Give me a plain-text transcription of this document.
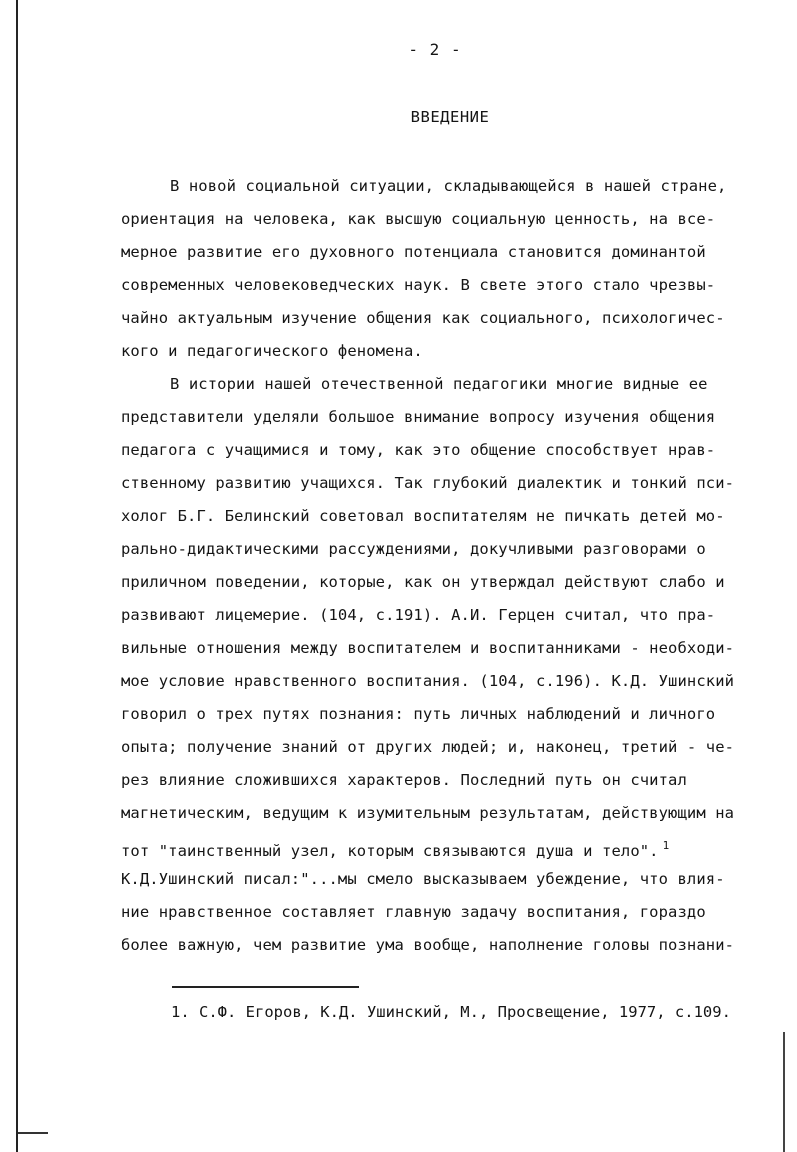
- 2 -
ВВЕДЕНИЕ
В новой социальной ситуации, складывающейся в нашей стране,
ориентация на человека, как высшую социальную ценность, на все-
мерное развитие его духовного потенциала становится доминантой
современных человековедческих наук. В свете этого стало чрезвы-
чайно актуальным изучение общения как социального, психологичес-
кого и педагогического феномена.
В истории нашей отечественной педагогики многие видные ее
представители уделяли большое внимание вопросу изучения общения
педагога с учащимися и тому, как это общение способствует нрав-
ственному развитию учащихся. Так глубокий диалектик и тонкий пси-
холог Б.Г. Белинский советовал воспитателям не пичкать детей мо-
рально-дидактическими рассуждениями, докучливыми разговорами о
приличном поведении, которые, как он утверждал действуют слабо и
развивают лицемерие. (104, с.191). А.И. Герцен считал, что пра-
вильные отношения между воспитателем и воспитанниками - необходи-
мое условие нравственного воспитания. (104, с.196). К.Д. Ушинский
говорил о трех путях познания: путь личных наблюдений и личного
опыта; получение знаний от других людей; и, наконец, третий - че-
рез влияние сложившихся характеров. Последний путь он считал
магнетическим, ведущим к изумительным результатам, действующим на
тот "таинственный узел, которым связываются душа и тело". $^1$
К.Д.Ушинский писал:"...мы смело высказываем убеждение, что влия-
ние нравственное составляет главную задачу воспитания, гораздо
более важную, чем развитие ума вообще, наполнение головы познани-
1. С.Ф. Егоров, К.Д. Ушинский, М., Просвещение, 1977, с.109.
